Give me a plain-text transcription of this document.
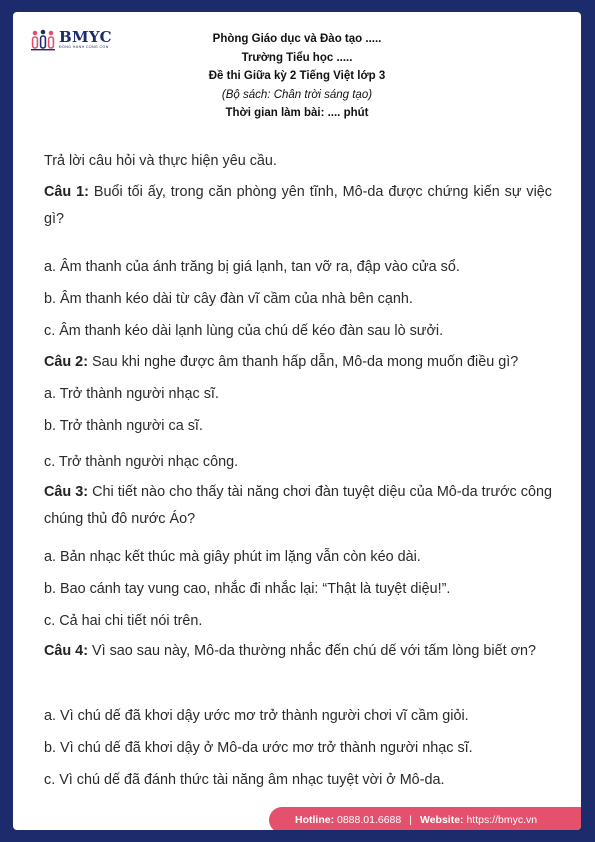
BMYC
ĐỒNG HÀNH CÙNG CON
Phòng Giáo dục và Đào tạo .....
Trường Tiểu học .....
Đề thi Giữa kỳ 2 Tiếng Việt lớp 3
(Bộ sách: Chân trời sáng tạo)
Thời gian làm bài: .... phút
Trả lời câu hỏi và thực hiện yêu cầu.
Câu 1: Buổi tối ấy, trong căn phòng yên tĩnh, Mô-da được chứng kiến sự việc gì?
a. Âm thanh của ánh trăng bị giá lạnh, tan vỡ ra, đập vào cửa sổ.
b. Âm thanh kéo dài từ cây đàn vĩ cầm của nhà bên cạnh.
c. Âm thanh kéo dài lạnh lùng của chú dế kéo đàn sau lò sưởi.
Câu 2: Sau khi nghe được âm thanh hấp dẫn, Mô-da mong muốn điều gì?
a. Trở thành người nhạc sĩ.
b. Trở thành người ca sĩ.
c. Trở thành người nhạc công.
Câu 3: Chi tiết nào cho thấy tài năng chơi đàn tuyệt diệu của Mô-da trước công chúng thủ đô nước Áo?
a. Bản nhạc kết thúc mà giây phút im lặng vẫn còn kéo dài.
b. Bao cánh tay vung cao, nhắc đi nhắc lại: “Thật là tuyệt diệu!”.
c. Cả hai chi tiết nói trên.
Câu 4: Vì sao sau này, Mô-da thường nhắc đến chú dế với tấm lòng biết ơn?
a. Vì chú dế đã khơi dậy ước mơ trở thành người chơi vĩ cầm giỏi.
b. Vì chú dế đã khơi dậy ở Mô-da ước mơ trở thành người nhạc sĩ.
c. Vì chú dế đã đánh thức tài năng âm nhạc tuyệt vời ở Mô-da.
Hotline:
0888.01.6688 | Website:
https://bmyc.vn
